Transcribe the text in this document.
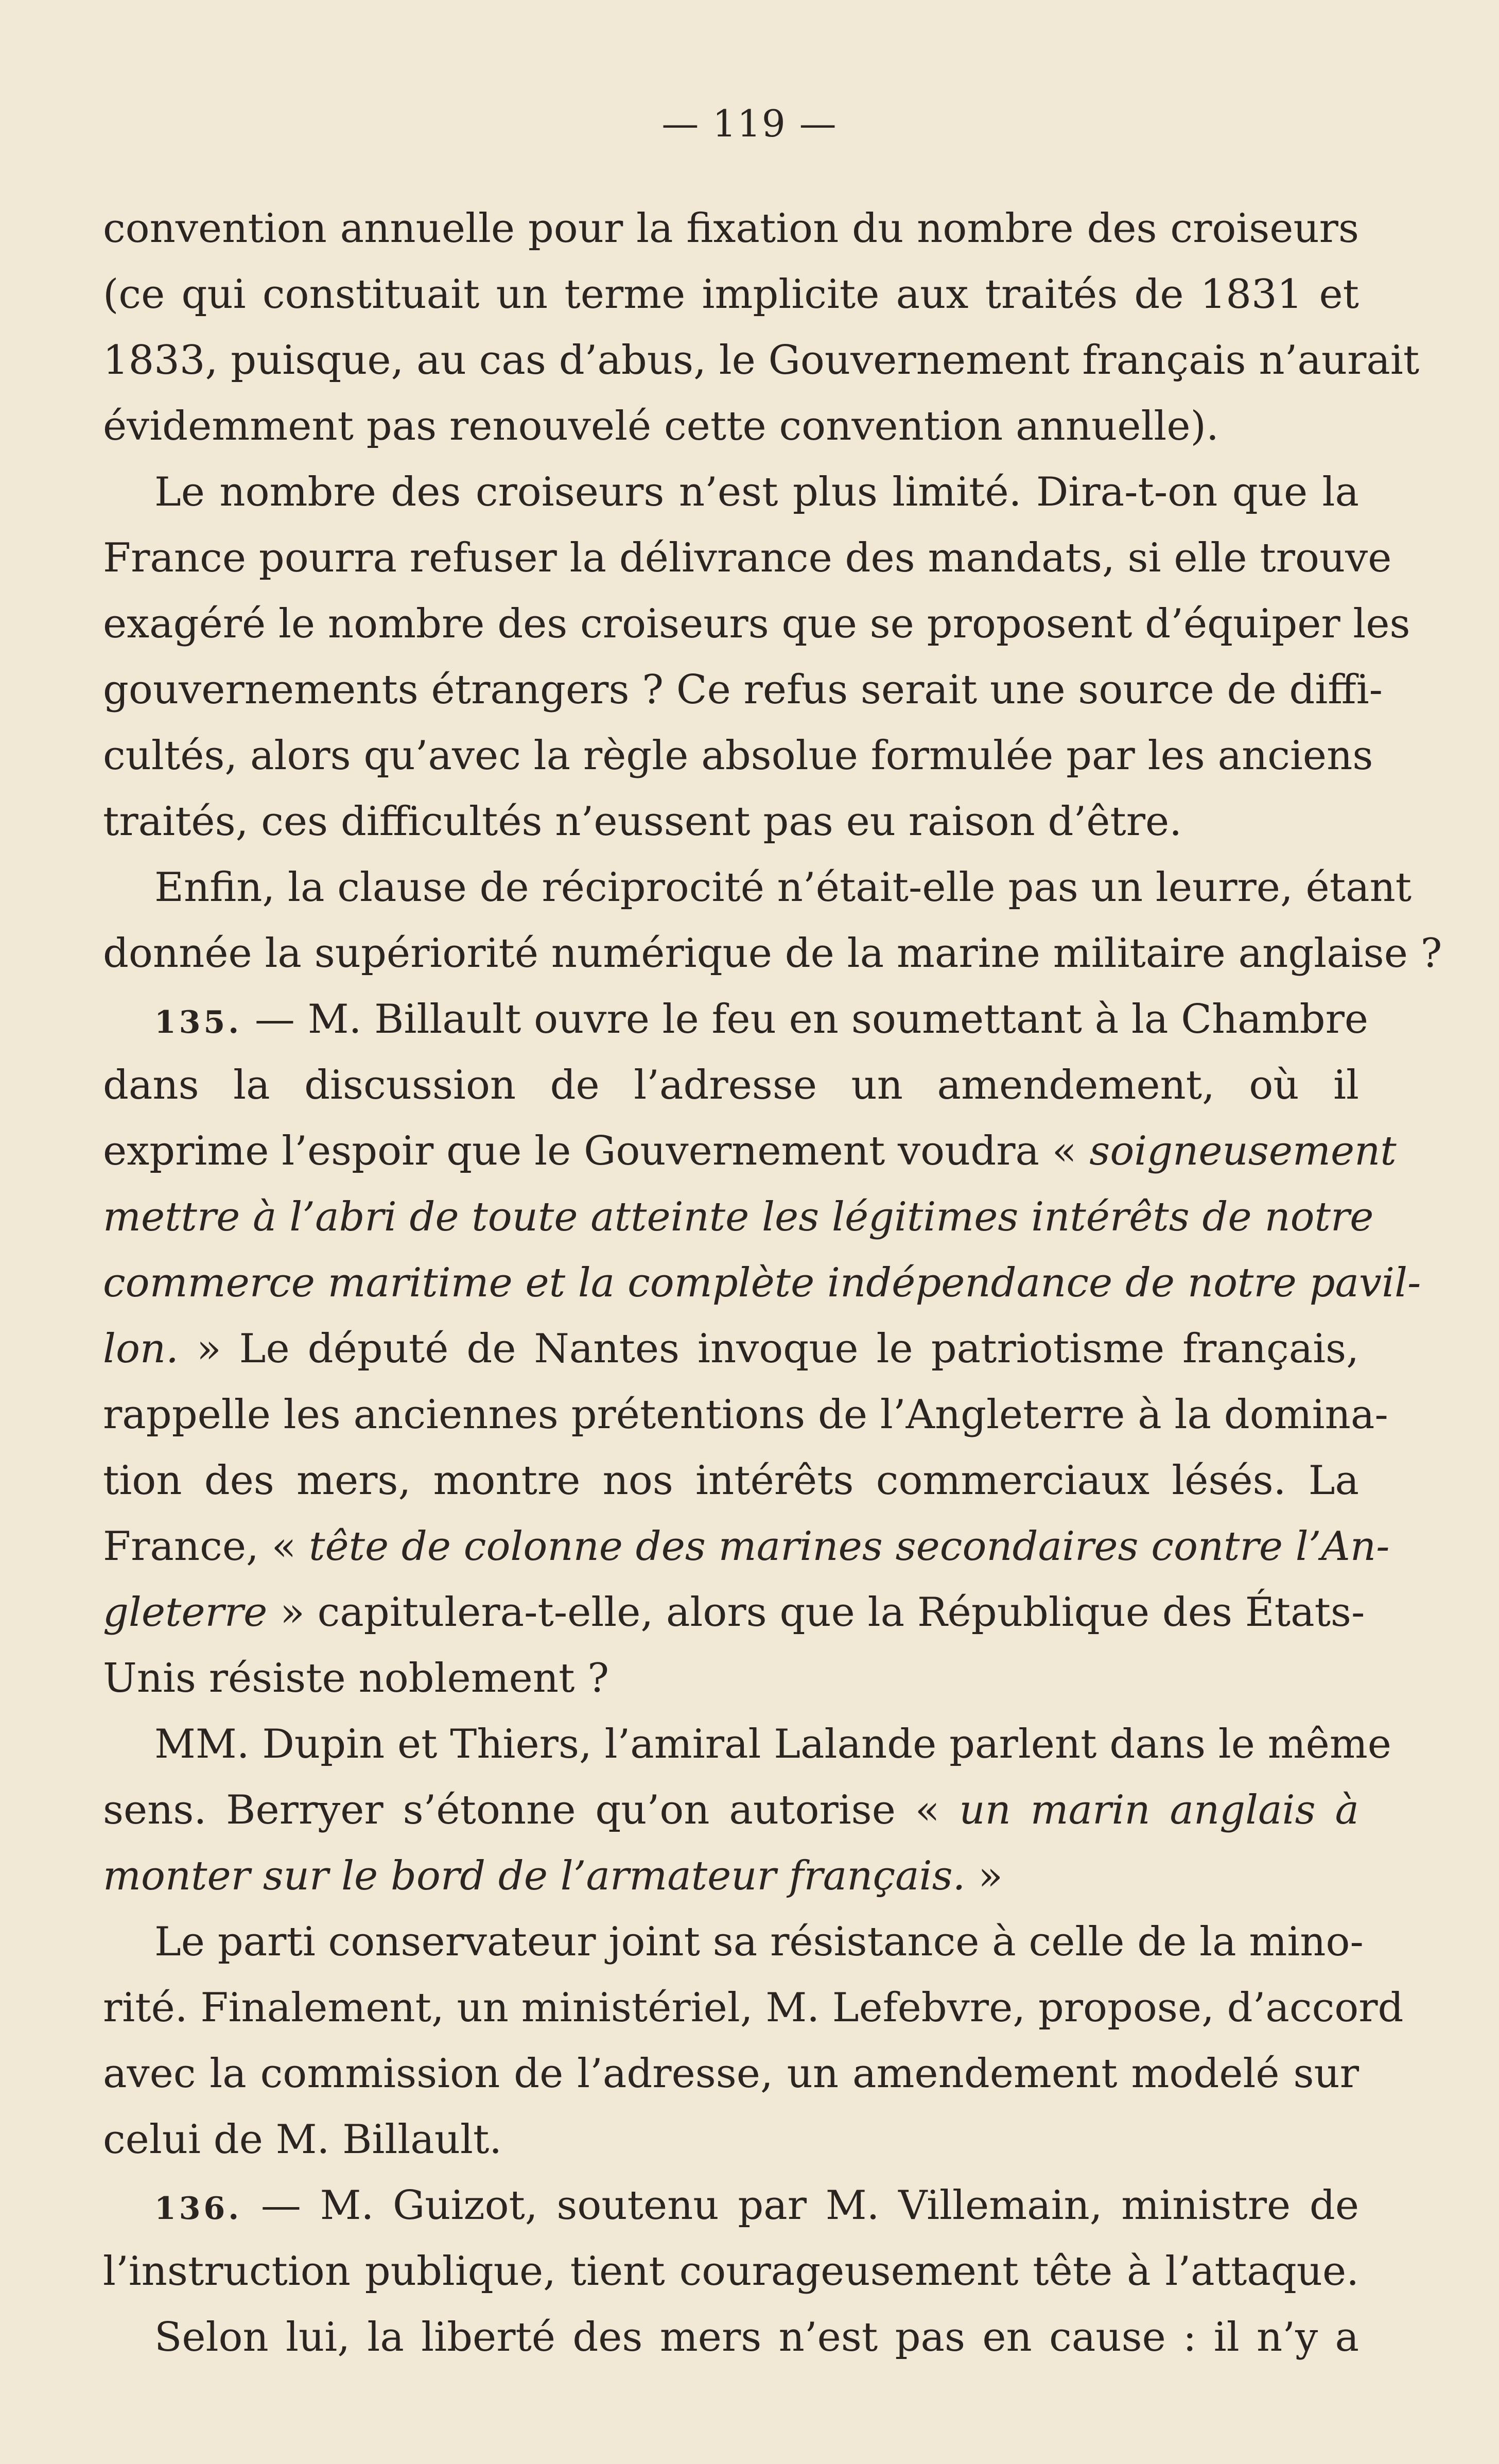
— 119 —
convention annuelle pour la fixation du nombre des croiseurs
(ce qui constituait un terme implicite aux traités de 1831 et
1833, puisque, au cas d’abus, le Gouvernement français n’aurait
évidemment pas renouvelé cette convention annuelle).
Le nombre des croiseurs n’est plus limité. Dira-t-on que la
France pourra refuser la délivrance des mandats, si elle trouve
exagéré le nombre des croiseurs que se proposent d’équiper les
gouvernements étrangers ? Ce refus serait une source de diffi-
cultés, alors qu’avec la règle absolue formulée par les anciens
traités, ces difficultés n’eussent pas eu raison d’être.
Enfin, la clause de réciprocité n’était-elle pas un leurre, étant
donnée la supériorité numérique de la marine militaire anglaise ?
135. — M. Billault ouvre le feu en soumettant à la Chambre
dans la discussion de l’adresse un amendement, où il
exprime l’espoir que le Gouvernement voudra « soigneusement
mettre à l’abri de toute atteinte les légitimes intérêts de notre
commerce maritime et la complète indépendance de notre pavil-
lon. » Le député de Nantes invoque le patriotisme français,
rappelle les anciennes prétentions de l’Angleterre à la domina-
tion des mers, montre nos intérêts commerciaux lésés. La
France, « tête de colonne des marines secondaires contre l’An-
gleterre » capitulera-t-elle, alors que la République des États-
Unis résiste noblement ?
MM. Dupin et Thiers, l’amiral Lalande parlent dans le même
sens. Berryer s’étonne qu’on autorise « un marin anglais à
monter sur le bord de l’armateur français. »
Le parti conservateur joint sa résistance à celle de la mino-
rité. Finalement, un ministériel, M. Lefebvre, propose, d’accord
avec la commission de l’adresse, un amendement modelé sur
celui de M. Billault.
136. — M. Guizot, soutenu par M. Villemain, ministre de
l’instruction publique, tient courageusement tête à l’attaque.
Selon lui, la liberté des mers n’est pas en cause : il n’y a
